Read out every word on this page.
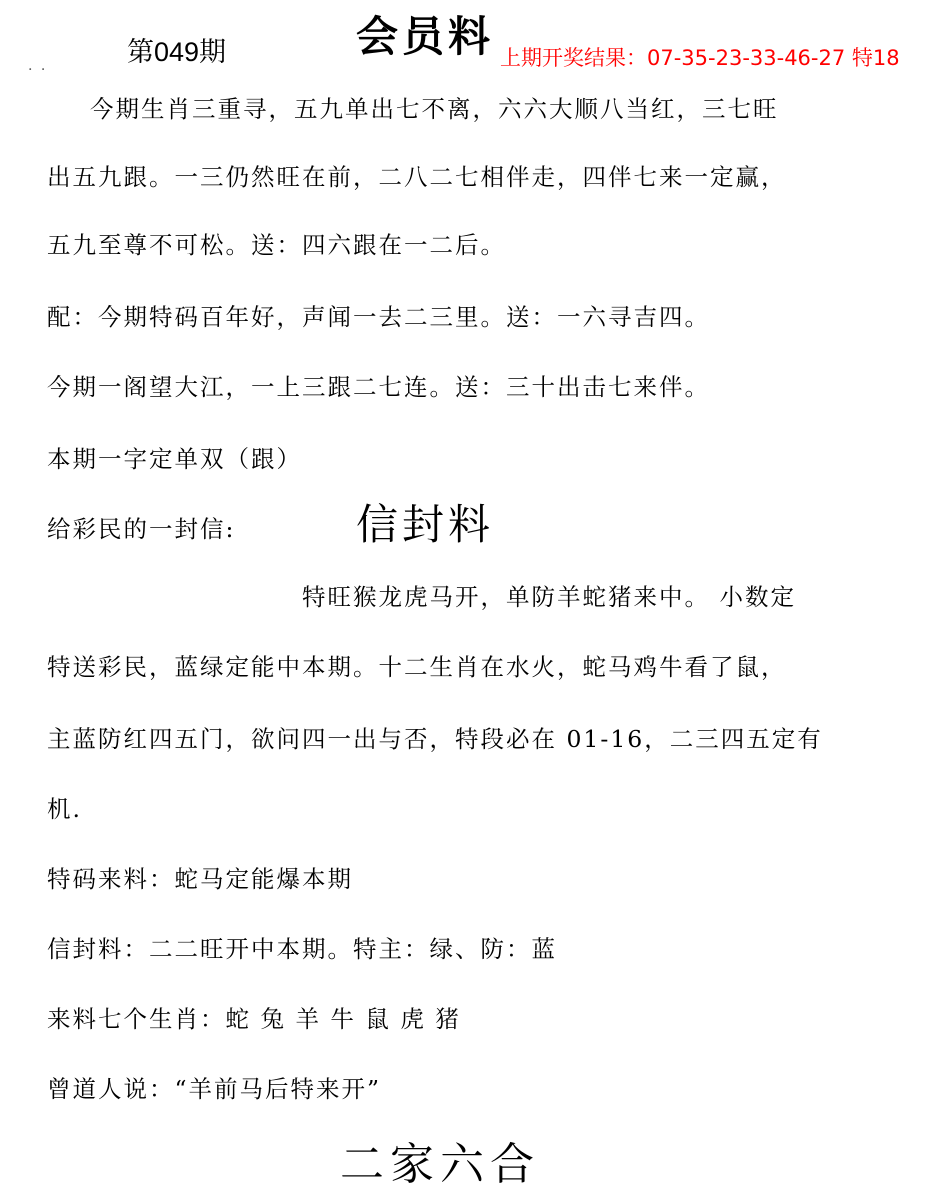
第049期	会员料 上期开奖结果：07-35-23-33-46-27 特18
. .
今期生肖三重寻，五九单出七不离，六六大顺八当红，三七旺
出五九跟。一三仍然旺在前，二八二七相伴走，四伴七来一定赢，
五九至尊不可松。送：四六跟在一二后。
配：今期特码百年好，声闻一去二三里。送：一六寻吉四。
今期一阁望大江，一上三跟二七连。送：三十出击七来伴。
本期一字定单双（跟）
给彩民的一封信:	信封料
特旺猴龙虎马开，单防羊蛇猪来中。 小数定
特送彩民，蓝绿定能中本期。十二生肖在水火，蛇马鸡牛看了鼠，
主蓝防红四五门，欲问四一出与否，特段必在 01-16，二三四五定有
机.
特码来料：蛇马定能爆本期
信封料：二二旺开中本期。特主：绿、防：蓝
来料七个生肖：蛇 兔 羊 牛 鼠 虎 猪
曾道人说：“羊前马后特来开”
二家六合
